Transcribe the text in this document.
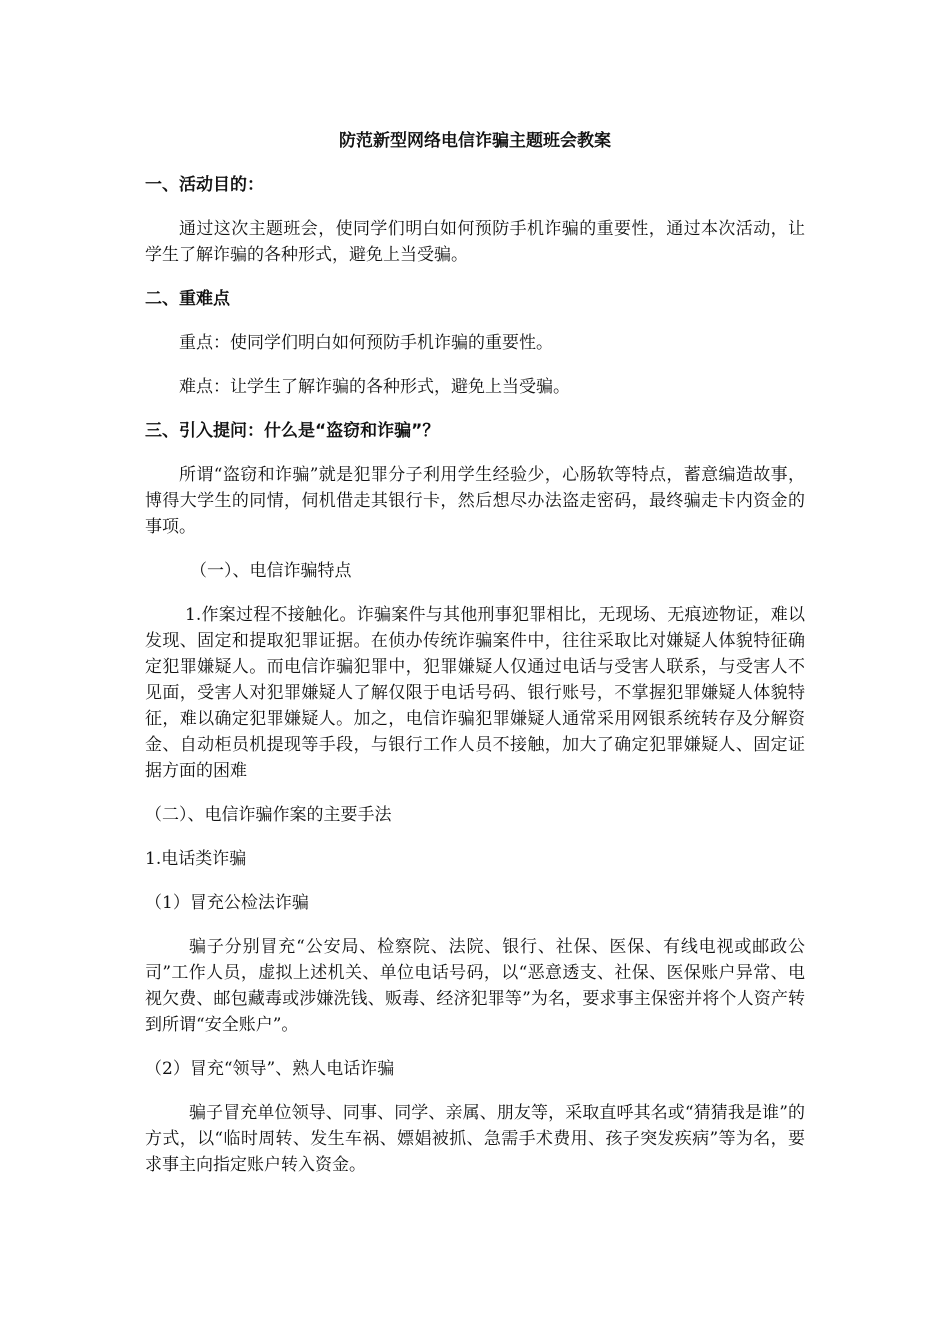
防范新型网络电信诈骗主题班会教案
一、活动目的：
通过这次主题班会，使同学们明白如何预防手机诈骗的重要性，通过本次活动，让学生了解诈骗的各种形式，避免上当受骗。
二、重难点
重点：使同学们明白如何预防手机诈骗的重要性。
难点：让学生了解诈骗的各种形式，避免上当受骗。
三、引入提问：什么是“盗窃和诈骗”？
所谓“盗窃和诈骗”就是犯罪分子利用学生经验少，心肠软等特点，蓄意编造故事，博得大学生的同情，伺机借走其银行卡，然后想尽办法盗走密码，最终骗走卡内资金的事项。
（一）、电信诈骗特点
1.作案过程不接触化。诈骗案件与其他刑事犯罪相比，无现场、无痕迹物证，难以发现、固定和提取犯罪证据。在侦办传统诈骗案件中，往往采取比对嫌疑人体貌特征确定犯罪嫌疑人。而电信诈骗犯罪中，犯罪嫌疑人仅通过电话与受害人联系，与受害人不见面，受害人对犯罪嫌疑人了解仅限于电话号码、银行账号，不掌握犯罪嫌疑人体貌特征，难以确定犯罪嫌疑人。加之，电信诈骗犯罪嫌疑人通常采用网银系统转存及分解资金、自动柜员机提现等手段，与银行工作人员不接触，加大了确定犯罪嫌疑人、固定证据方面的困难
（二）、电信诈骗作案的主要手法
1.电话类诈骗
（1）冒充公检法诈骗
骗子分别冒充“公安局、检察院、法院、银行、社保、医保、有线电视或邮政公司”工作人员，虚拟上述机关、单位电话号码，以“恶意透支、社保、医保账户异常、电视欠费、邮包藏毒或涉嫌洗钱、贩毒、经济犯罪等”为名，要求事主保密并将个人资产转到所谓“安全账户”。
（2）冒充“领导”、熟人电话诈骗
骗子冒充单位领导、同事、同学、亲属、朋友等，采取直呼其名或“猜猜我是谁”的方式，以“临时周转、发生车祸、嫖娼被抓、急需手术费用、孩子突发疾病”等为名，要求事主向指定账户转入资金。
